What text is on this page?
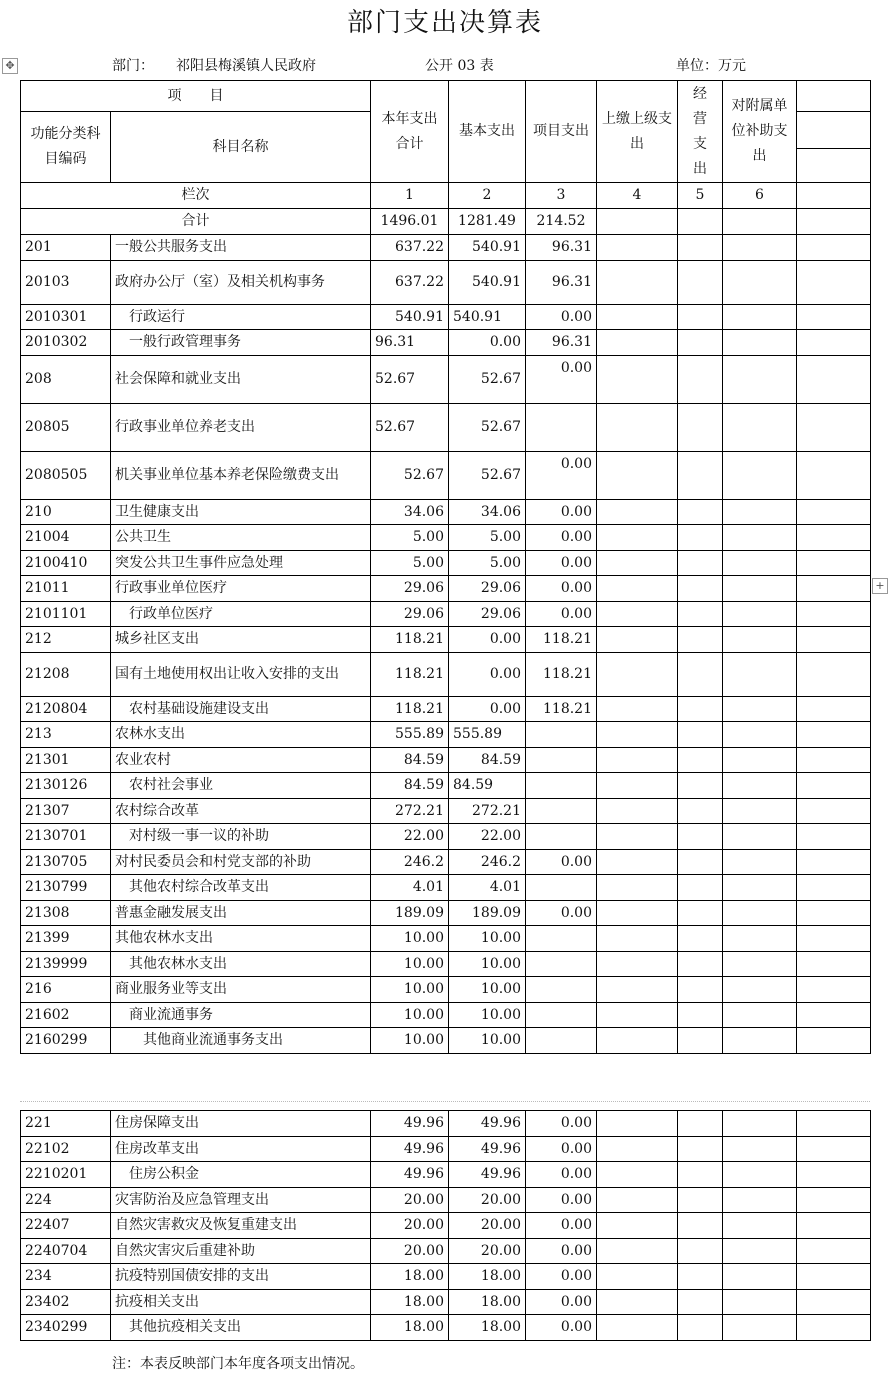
部门支出决算表
✥
+
部门： 祁阳县梅溪镇人民政府	公开 03 表	单位：万元
项　　目		本年支出合计	基本支出	项目支出	上缴上级支出	经营支出	对附属单位补助支出	
功能分类科目编码	科目名称							

栏次		1	2	3	4	5	6	
合计		1496.01	1281.49	214.52				
201	一般公共服务支出	637.22	540.91	96.31				
20103	政府办公厅（室）及相关机构事务	637.22	540.91	96.31				
2010301	　行政运行	540.91	540.91	0.00				
2010302	　一般行政管理事务	96.31	0.00	96.31				
208	社会保障和就业支出	52.67	52.67	0.00				
20805	行政事业单位养老支出	52.67	52.67					
2080505	机关事业单位基本养老保险缴费支出	52.67	52.67	0.00				
210	卫生健康支出	34.06	34.06	0.00				
21004	公共卫生	5.00	5.00	0.00				
2100410	突发公共卫生事件应急处理	5.00	5.00	0.00				
21011	行政事业单位医疗	29.06	29.06	0.00				
2101101	　行政单位医疗	29.06	29.06	0.00				
212	城乡社区支出	118.21	0.00	118.21				
21208	国有土地使用权出让收入安排的支出	118.21	0.00	118.21				
2120804	　农村基础设施建设支出	118.21	0.00	118.21				
213	农林水支出	555.89	555.89					
21301	农业农村	84.59	84.59					
2130126	　农村社会事业	84.59	84.59					
21307	农村综合改革	272.21	272.21					
2130701	　对村级一事一议的补助	22.00	22.00					
2130705	对村民委员会和村党支部的补助	246.2	246.2	0.00				
2130799	　其他农村综合改革支出	4.01	4.01					
21308	普惠金融发展支出	189.09	189.09	0.00				
21399	其他农林水支出	10.00	10.00					
2139999	　其他农林水支出	10.00	10.00					
216	商业服务业等支出	10.00	10.00					
21602	　商业流通事务	10.00	10.00					
2160299	　　其他商业流通事务支出	10.00	10.00					
221	住房保障支出	49.96	49.96	0.00				
22102	住房改革支出	49.96	49.96	0.00				
2210201	　住房公积金	49.96	49.96	0.00				
224	灾害防治及应急管理支出	20.00	20.00	0.00				
22407	自然灾害救灾及恢复重建支出	20.00	20.00	0.00				
2240704	自然灾害灾后重建补助	20.00	20.00	0.00				
234	抗疫特别国债安排的支出	18.00	18.00	0.00				
23402	抗疫相关支出	18.00	18.00	0.00				
2340299	　其他抗疫相关支出	18.00	18.00	0.00				
注：本表反映部门本年度各项支出情况。
